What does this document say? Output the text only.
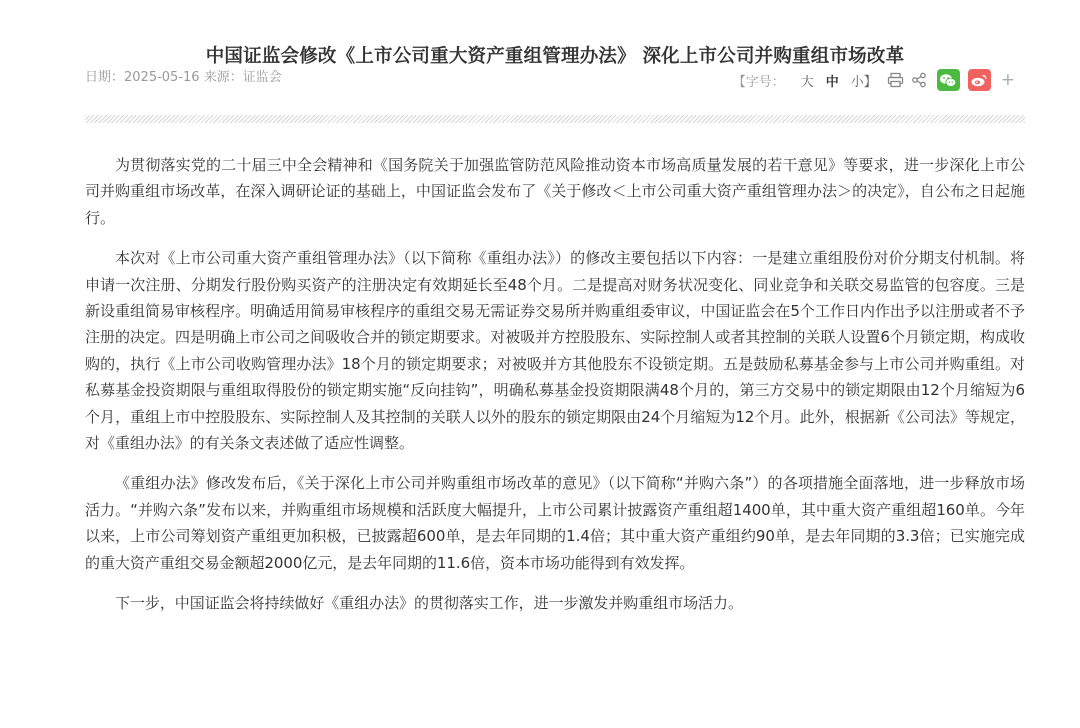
中国证监会修改《上市公司重大资产重组管理办法》 深化上市公司并购重组市场改革
日期：2025-05-16 来源：证监会	【字号： 大 中 小】	+

为贯彻落实党的二十届三中全会精神和《国务院关于加强监管防范风险推动资本市场高质量发展的若干意见》等要求，进一步深化上市公司并购重组市场改革，在深入调研论证的基础上，中国证监会发布了《关于修改＜上市公司重大资产重组管理办法＞的决定》，自公布之日起施行。

本次对《上市公司重大资产重组管理办法》（以下简称《重组办法》）的修改主要包括以下内容：一是建立重组股份对价分期支付机制。将申请一次注册、分期发行股份购买资产的注册决定有效期延长至48个月。二是提高对财务状况变化、同业竞争和关联交易监管的包容度。三是新设重组简易审核程序。明确适用简易审核程序的重组交易无需证券交易所并购重组委审议，中国证监会在5个工作日内作出予以注册或者不予注册的决定。四是明确上市公司之间吸收合并的锁定期要求。对被吸并方控股股东、实际控制人或者其控制的关联人设置6个月锁定期，构成收购的，执行《上市公司收购管理办法》18个月的锁定期要求；对被吸并方其他股东不设锁定期。五是鼓励私募基金参与上市公司并购重组。对私募基金投资期限与重组取得股份的锁定期实施“反向挂钩”，明确私募基金投资期限满48个月的，第三方交易中的锁定期限由12个月缩短为6个月，重组上市中控股股东、实际控制人及其控制的关联人以外的股东的锁定期限由24个月缩短为12个月。此外，根据新《公司法》等规定，对《重组办法》的有关条文表述做了适应性调整。

《重组办法》修改发布后，《关于深化上市公司并购重组市场改革的意见》（以下简称“并购六条”）的各项措施全面落地，进一步释放市场活力。“并购六条”发布以来，并购重组市场规模和活跃度大幅提升，上市公司累计披露资产重组超1400单，其中重大资产重组超160单。今年以来，上市公司筹划资产重组更加积极，已披露超600单，是去年同期的1.4倍；其中重大资产重组约90单，是去年同期的3.3倍；已实施完成的重大资产重组交易金额超2000亿元，是去年同期的11.6倍，资本市场功能得到有效发挥。

下一步，中国证监会将持续做好《重组办法》的贯彻落实工作，进一步激发并购重组市场活力。
